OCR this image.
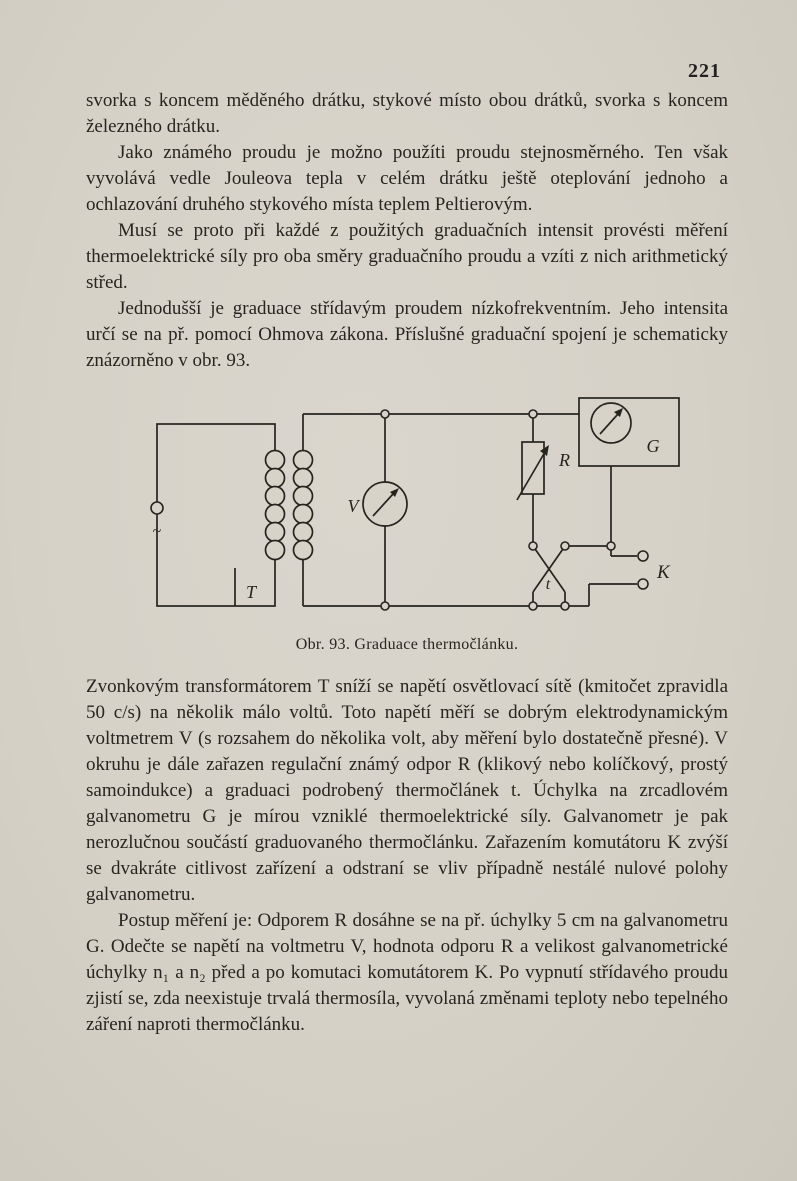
221

svorka s koncem měděného drátku, stykové místo obou drátků, svorka s koncem železného drátku.

Jako známého proudu je možno použíti proudu stejnosměrného. Ten však vyvolává vedle Jouleova tepla v celém drátku ještě oteplování jednoho a ochlazování druhého stykového místa teplem Peltierovým.

Musí se proto při každé z použitých graduačních intensit provésti měření thermoelektrické síly pro oba směry graduačního proudu a vzíti z nich arithmetický střed.

Jednodušší je graduace střídavým proudem nízkofrekventním. Jeho intensita určí se na př. pomocí Ohmova zákona. Příslušné graduační spojení je schematicky znázorněno v obr. 93.

T
~
V
R
t
G
K
Obr. 93. Graduace thermočlánku.

Zvonkovým transformátorem T sníží se napětí osvětlovací sítě (kmitočet zpravidla 50 c/s) na několik málo voltů. Toto napětí měří se dobrým elektrodynamickým voltmetrem V (s rozsahem do několika volt, aby měření bylo dostatečně přesné). V okruhu je dále zařazen regulační známý odpor R (klikový nebo kolíčkový, prostý samoindukce) a graduaci podrobený thermočlánek t. Úchylka na zrcadlovém galvanometru G je mírou vzniklé thermoelektrické síly. Galvanometr je pak nerozlučnou součástí graduovaného thermočlánku. Zařazením komutátoru K zvýší se dvakráte citlivost zařízení a odstraní se vliv případně nestálé nulové polohy galvanometru.

Postup měření je: Odporem R dosáhne se na př. úchylky 5 cm na galvanometru G. Odečte se napětí na voltmetru V, hodnota odporu R a velikost galvanometrické úchylky n₁ a n₂ před a po komutaci komutátorem K. Po vypnutí střídavého proudu zjistí se, zda neexistuje trvalá thermosíla, vyvolaná změnami teploty nebo tepelného záření naproti thermočlánku.
